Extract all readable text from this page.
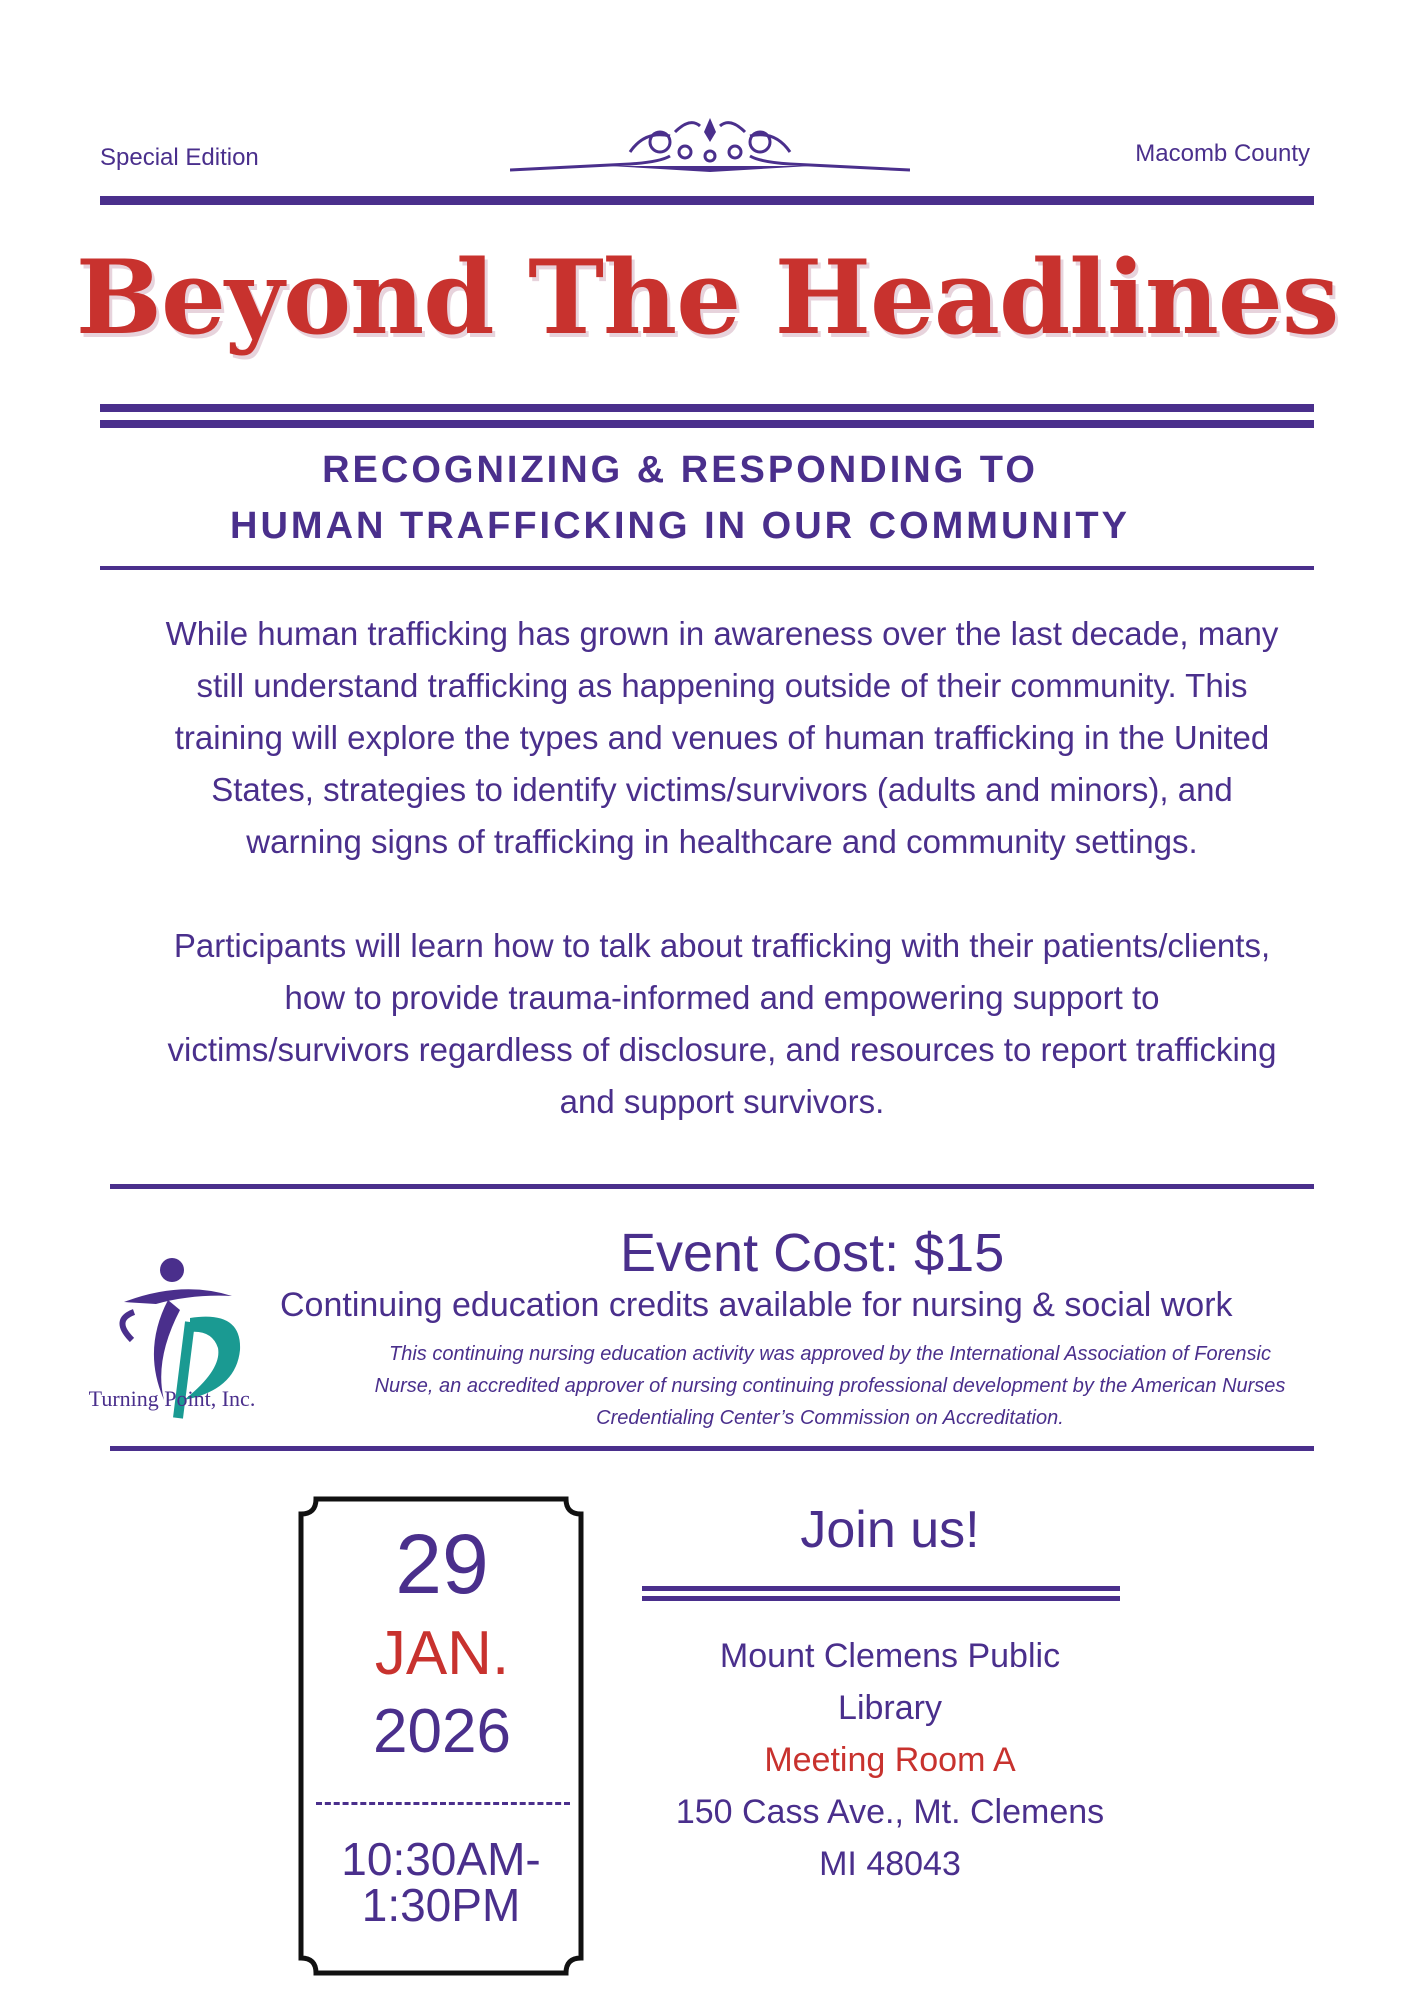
Special Edition	Macomb County
Beyond The Headlines
RECOGNIZING & RESPONDING TO
HUMAN TRAFFICKING IN OUR COMMUNITY
While human trafficking has grown in awareness over the last decade, many
still understand trafficking as happening outside of their community. This
training will explore the types and venues of human trafficking in the United
States, strategies to identify victims/survivors (adults and minors), and
warning signs of trafficking in healthcare and community settings.
Participants will learn how to talk about trafficking with their patients/clients,
how to provide trauma-informed and empowering support to
victims/survivors regardless of disclosure, and resources to report trafficking
and support survivors.
Turning Point, Inc.
Event Cost: $15
Continuing education credits available for nursing & social work
This continuing nursing education activity was approved by the International Association of Forensic
Nurse, an accredited approver of nursing continuing professional development by the American Nurses
Credentialing Center’s Commission on Accreditation.
29
JAN.
2026
10:30AM-
1:30PM
Join us!
Mount Clemens Public
Library
Meeting Room A
150 Cass Ave., Mt. Clemens
MI 48043
